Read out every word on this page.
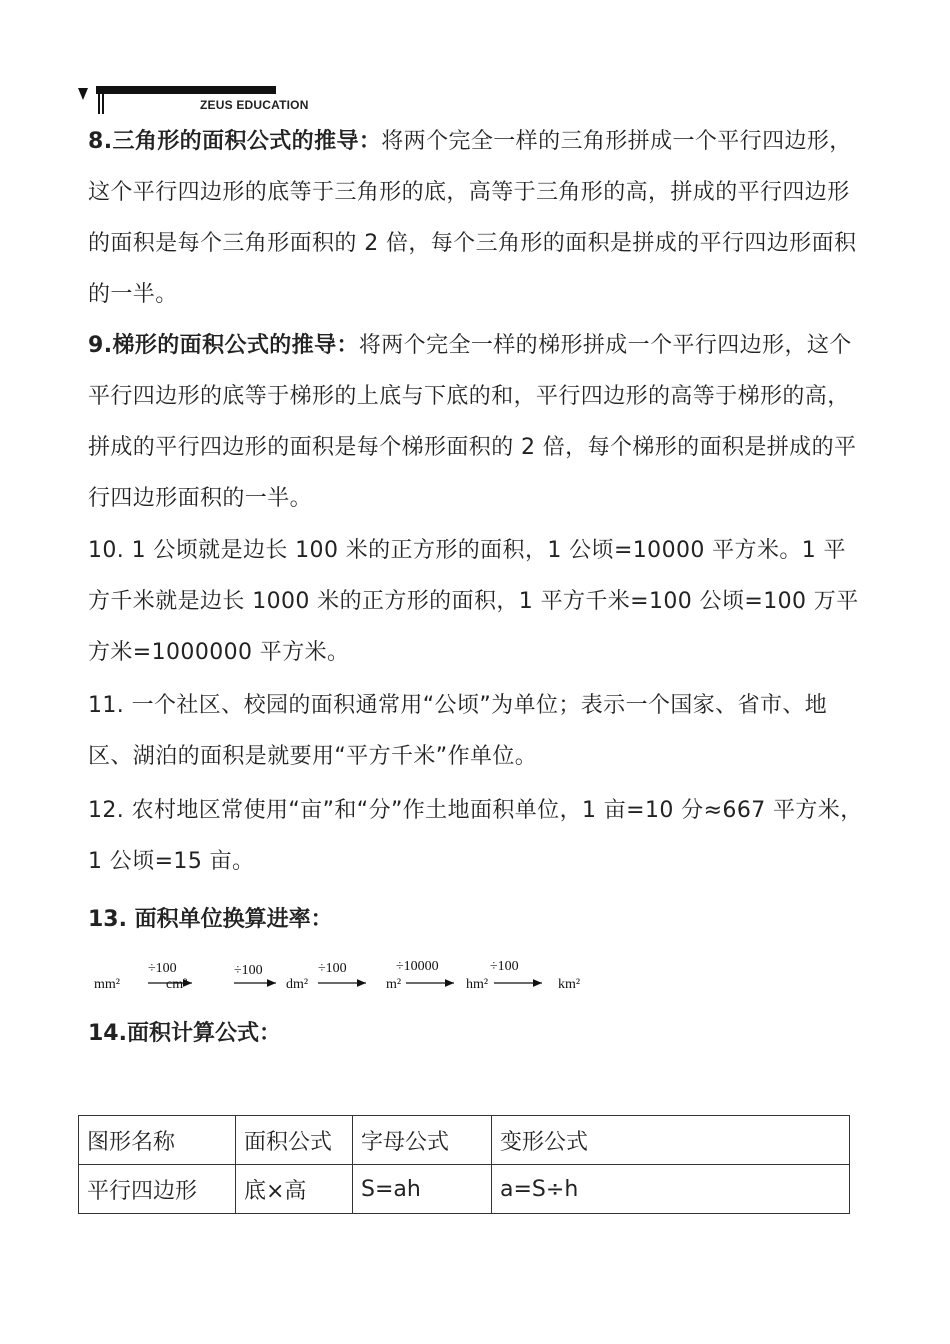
ZEUS EDUCATION
8.三角形的面积公式的推导：将两个完全一样的三角形拼成一个平行四边形，这个平行四边形的底等于三角形的底，高等于三角形的高，拼成的平行四边形的面积是每个三角形面积的 2 倍，每个三角形的面积是拼成的平行四边形面积的一半。
9.梯形的面积公式的推导：将两个完全一样的梯形拼成一个平行四边形，这个平行四边形的底等于梯形的上底与下底的和，平行四边形的高等于梯形的高，拼成的平行四边形的面积是每个梯形面积的 2 倍，每个梯形的面积是拼成的平行四边形面积的一半。
10. 1 公顷就是边长 100 米的正方形的面积，1 公顷=10000 平方米。1 平方千米就是边长 1000 米的正方形的面积，1 平方千米=100 公顷=100 万平方米=1000000 平方米。
11. 一个社区、校园的面积通常用“公顷”为单位；表示一个国家、省市、地区、湖泊的面积是就要用“平方千米”作单位。
12. 农村地区常使用“亩”和“分”作土地面积单位，1 亩=10 分≈667 平方米，1 公顷=15 亩。
13. 面积单位换算进率：
mm²	cm²	dm²	m²	hm²	km²
÷100	÷100	÷100	÷10000	÷100
14.面积计算公式：
图形名称	面积公式	字母公式	变形公式
平行四边形	底×高	S=ah	a=S÷h
